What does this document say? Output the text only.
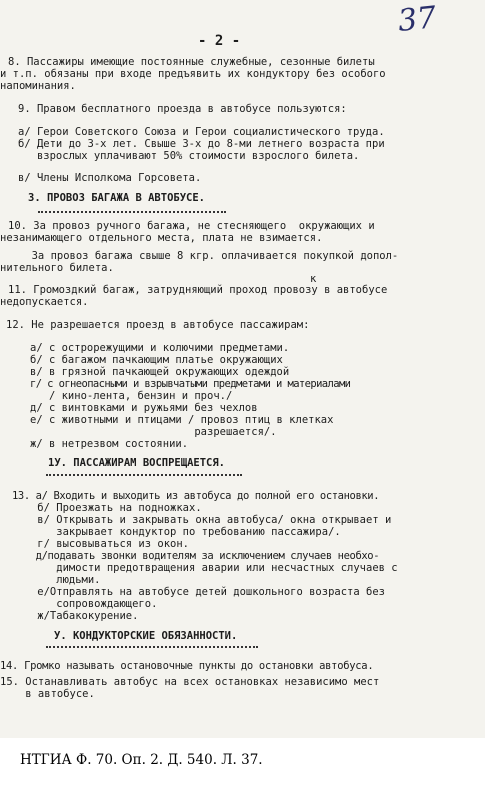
- 2 -
37
8. Пассажиры имеющие постоянные служебные, сезонные билеты
и т.п. обязаны при входе предъявить их кондуктору без особого
напоминания.
9. Правом бесплатного проезда в автобусе пользуются:
а/ Герои Советского Союза и Герои социалистического труда.
б/ Дети до 3-х лет. Свыше 3-х до 8-ми летнего возраста при
взрослых уплачивают 50% стоимости взрослого билета.
в/ Члены Исполкома Горсовета.
3. ПРОВОЗ БАГАЖА В АВТОБУСЕ.
10. За провоз ручного багажа, не стесняющего  окружающих и
незанимающего отдельного места, плата не взимается.
За провоз багажа свыше 8 кгр. оплачивается покупкой допол-
нительного билета.
к
11. Громоздкий багаж, затрудняющий проход провозу в автобусе
недопускается.
12. Не разрешается проезд в автобусе пассажирам:
а/ с острорежущими и колючими предметами.
б/ с багажом пачкающим платье окружающих
в/ в грязной пачкающей окружающих одеждой
г/ с огнеопасными и взрывчатыми предметами и материалами
/ кино-лента, бензин и проч./
д/ с винтовками и ружьями без чехлов
е/ с животными и птицами / провоз птиц в клетках
разрешается/.
ж/ в нетрезвом состоянии.
1У. ПАССАЖИРАМ ВОСПРЕЩАЕТСЯ.
13. а/ Входить и выходить из автобуса до полной его остановки.
б/ Проезжать на подножках.
в/ Открывать и закрывать окна автобуса/ окна открывает и
закрывает кондуктор по требованию пассажира/.
г/ высовываться из окон.
д/подавать звонки водителям за исключением случаев необхо-
димости предотвращения аварии или несчастных случаев с
людьми.
е/Отправлять на автобусе детей дошкольного возраста без
сопровождающего.
ж/Табакокурение.
У. КОНДУКТОРСКИЕ ОБЯЗАННОСТИ.
14. Громко называть остановочные пункты до остановки автобуса.
15. Останавливать автобус на всех остановках независимо мест
в автобусе.
НТГИА Ф. 70. Оп. 2. Д. 540. Л. 37.
